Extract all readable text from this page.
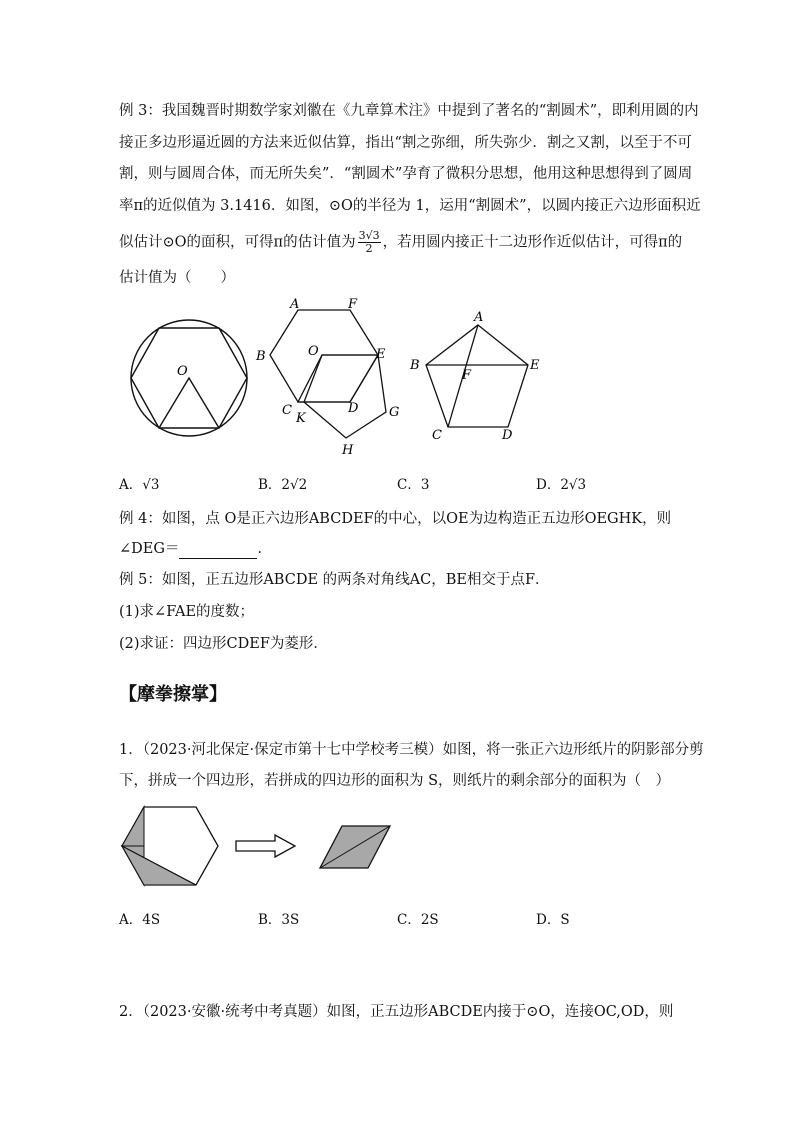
例 3：我国魏晋时期数学家刘徽在《九章算术注》中提到了著名的“割圆术”，即利用圆的内
接正多边形逼近圆的方法来近似估算，指出“割之弥细，所失弥少．割之又割，以至于不可
割，则与圆周合体，而无所失矣”．“割圆术”孕育了微积分思想，他用这种思想得到了圆周
率π的近似值为 3.1416．如图，⊙O的半径为 1，运用“割圆术”，以圆内接正六边形面积近
似估计⊙O的面积，可得π的估计值为 $\frac{3√3}{2}$ ，若用圆内接正十二边形作近似估计，可得π的
估计值为（　　）
O
A	F
B	O	E
C
K
D G
H
A
B
F
E
C	D
A．√3	B．2√2	C．3	D．2√3
例 4：如图，点 O是正六边形ABCDEF的中心，以OE为边构造正五边形OEGHK，则
∠DEG＝	．
例 5：如图，正五边形ABCDE 的两条对角线AC，BE相交于点F．
(1)求∠FAE的度数；
(2)求证：四边形CDEF为菱形．
【摩拳擦掌】
1．（2023·河北保定·保定市第十七中学校考三模）如图，将一张正六边形纸片的阴影部分剪
下，拼成一个四边形，若拼成的四边形的面积为 S，则纸片的剩余部分的面积为（　）
A．4S	B．3S	C．2S	D．S
2．（2023·安徽·统考中考真题）如图，正五边形ABCDE内接于⊙O，连接OC,OD，则
